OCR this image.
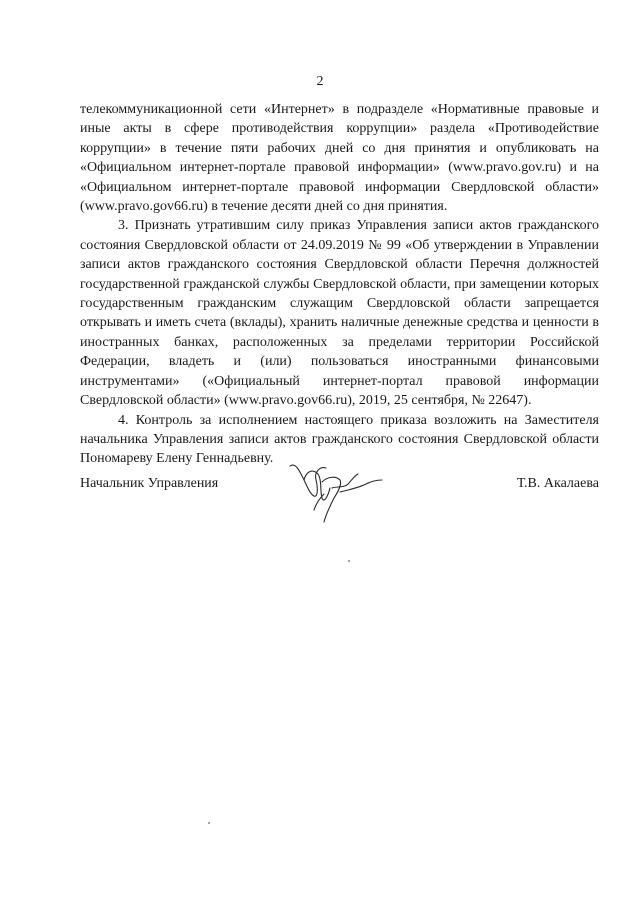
2

телекоммуникационной сети «Интернет» в подразделе «Нормативные правовые и иные акты в сфере противодействия коррупции» раздела «Противодействие коррупции» в течение пяти рабочих дней со дня принятия и опубликовать на «Официальном интернет-портале правовой информации» (www.pravo.gov.ru) и на «Официальном интернет-портале правовой информации Свердловской области» (www.pravo.gov66.ru) в течение десяти дней со дня принятия.

3. Признать утратившим силу приказ Управления записи актов гражданского состояния Свердловской области от 24.09.2019 № 99 «Об утверждении в Управлении записи актов гражданского состояния Свердловской области Перечня должностей государственной гражданской службы Свердловской области, при замещении которых государственным гражданским служащим Свердловской области запрещается открывать и иметь счета (вклады), хранить наличные денежные средства и ценности в иностранных банках, расположенных за пределами территории Российской Федерации, владеть и (или) пользоваться иностранными финансовыми инструментами» («Официальный интернет-портал правовой информации Свердловской области» (www.pravo.gov66.ru), 2019, 25 сентября, № 22647).

4. Контроль за исполнением настоящего приказа возложить на Заместителя начальника Управления записи актов гражданского состояния Свердловской области Пономареву Елену Геннадьевну.

Начальник Управления	Т.В. Акалаева
